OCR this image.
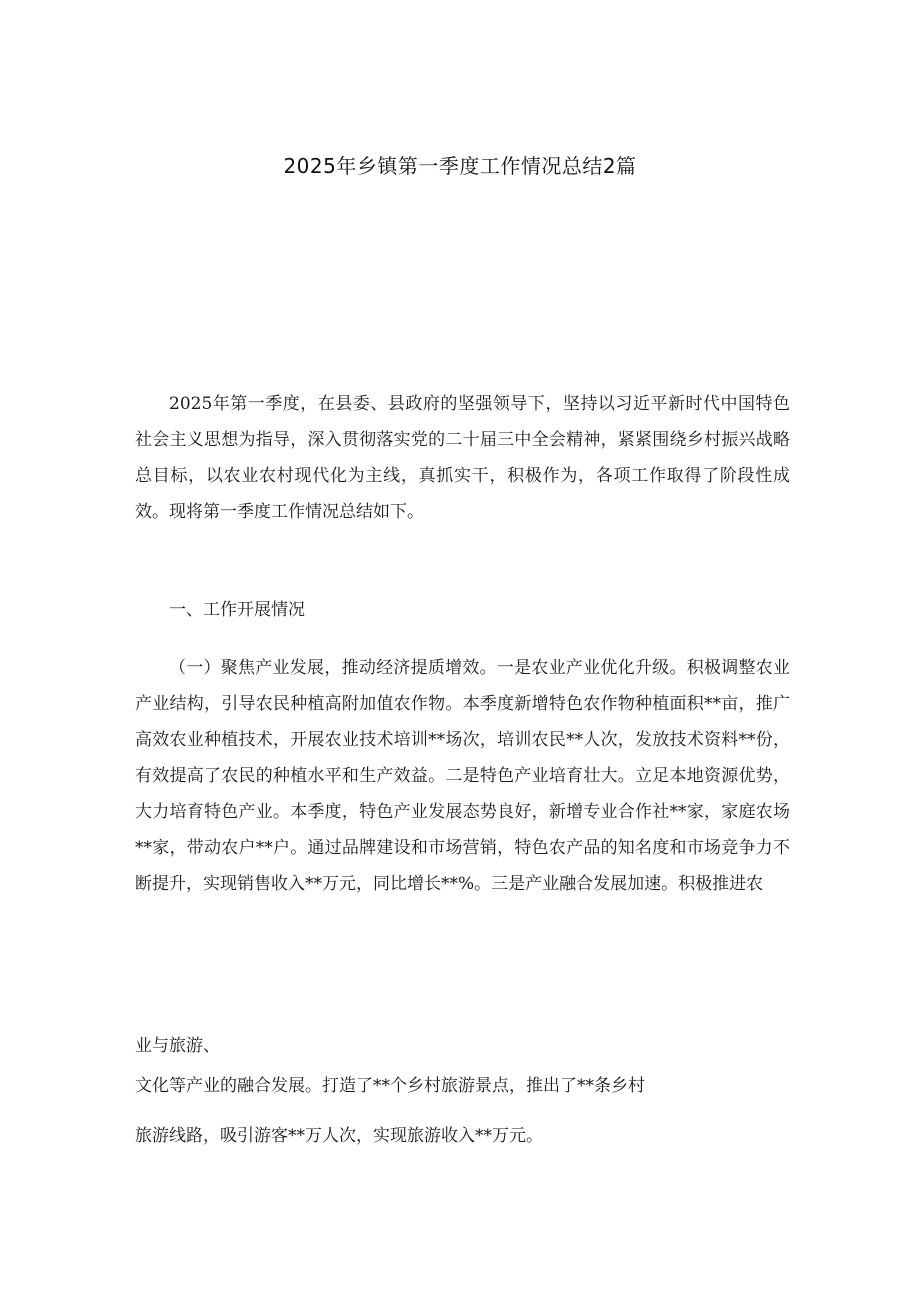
2025年乡镇第一季度工作情况总结2篇

2025年第一季度，在县委、县政府的坚强领导下，坚持以习近平新时代中国特色社会主义思想为指导，深入贯彻落实党的二十届三中全会精神，紧紧围绕乡村振兴战略总目标，以农业农村现代化为主线，真抓实干，积极作为，各项工作取得了阶段性成效。现将第一季度工作情况总结如下。

一、工作开展情况

（一）聚焦产业发展，推动经济提质增效。一是农业产业优化升级。积极调整农业产业结构，引导农民种植高附加值农作物。本季度新增特色农作物种植面积**亩，推广高效农业种植技术，开展农业技术培训**场次，培训农民**人次，发放技术资料**份，有效提高了农民的种植水平和生产效益。二是特色产业培育壮大。立足本地资源优势，大力培育特色产业。本季度，特色产业发展态势良好，新增专业合作社**家，家庭农场**家，带动农户**户。通过品牌建设和市场营销，特色农产品的知名度和市场竞争力不断提升，实现销售收入**万元，同比增长**%。三是产业融合发展加速。积极推进农

业与旅游、

文化等产业的融合发展。打造了**个乡村旅游景点，推出了**条乡村

旅游线路，吸引游客**万人次，实现旅游收入**万元。
